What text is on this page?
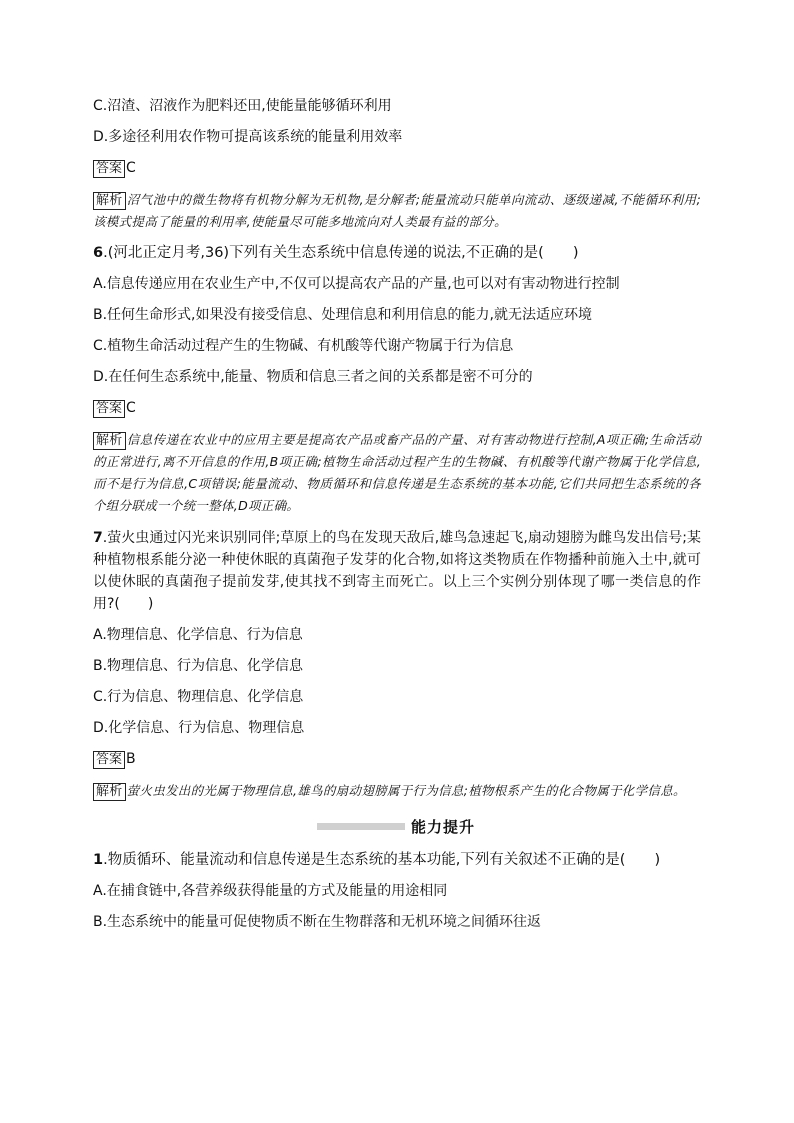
C.沼渣、沼液作为肥料还田,使能量能够循环利用
D.多途径利用农作物可提高该系统的能量利用效率
答案 C
解析 沼气池中的微生物将有机物分解为无机物,是分解者;能量流动只能单向流动、逐级递减,不能循环利用;该模式提高了能量的利用率,使能量尽可能多地流向对人类最有益的部分。
6.(河北正定月考,36)下列有关生态系统中信息传递的说法,不正确的是(　　)
A.信息传递应用在农业生产中,不仅可以提高农产品的产量,也可以对有害动物进行控制
B.任何生命形式,如果没有接受信息、处理信息和利用信息的能力,就无法适应环境
C.植物生命活动过程产生的生物碱、有机酸等代谢产物属于行为信息
D.在任何生态系统中,能量、物质和信息三者之间的关系都是密不可分的
答案 C
解析 信息传递在农业中的应用主要是提高农产品或畜产品的产量、对有害动物进行控制,A项正确;生命活动的正常进行,离不开信息的作用,B项正确;植物生命活动过程产生的生物碱、有机酸等代谢产物属于化学信息,而不是行为信息,C项错误;能量流动、物质循环和信息传递是生态系统的基本功能,它们共同把生态系统的各个组分联成一个统一整体,D项正确。
7.萤火虫通过闪光来识别同伴;草原上的鸟在发现天敌后,雄鸟急速起飞,扇动翅膀为雌鸟发出信号;某种植物根系能分泌一种使休眠的真菌孢子发芽的化合物,如将这类物质在作物播种前施入土中,就可以使休眠的真菌孢子提前发芽,使其找不到寄主而死亡。以上三个实例分别体现了哪一类信息的作用?(　　)
A.物理信息、化学信息、行为信息
B.物理信息、行为信息、化学信息
C.行为信息、物理信息、化学信息
D.化学信息、行为信息、物理信息
答案 B
解析 萤火虫发出的光属于物理信息,雄鸟的扇动翅膀属于行为信息;植物根系产生的化合物属于化学信息。
能力提升
1.物质循环、能量流动和信息传递是生态系统的基本功能,下列有关叙述不正确的是(　　)
A.在捕食链中,各营养级获得能量的方式及能量的用途相同
B.生态系统中的能量可促使物质不断在生物群落和无机环境之间循环往返
